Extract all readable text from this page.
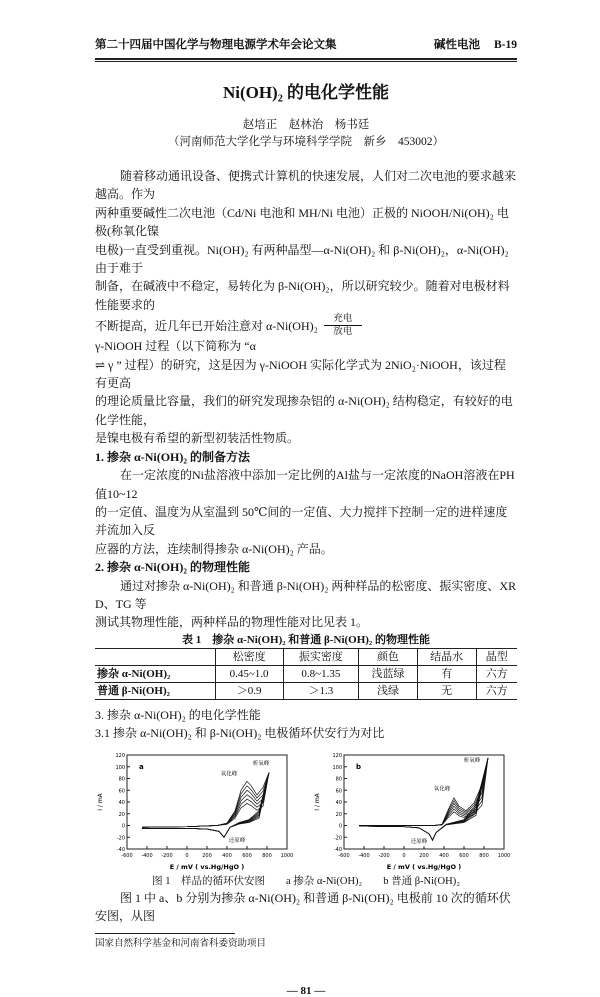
第二十四届中国化学与物理电源学术年会论文集	碱性电池 B-19
Ni(OH)₂ 的电化学性能
赵培正　赵林治　杨书廷
（河南师范大学化学与环境科学学院　新乡　453002）
随着移动通讯设备、便携式计算机的快速发展，人们对二次电池的要求越来越高。作为
两种重要碱性二次电池（Cd/Ni 电池和 MH/Ni 电池）正极的 NiOOH/Ni(OH)₂ 电极(称氧化镍
电极)一直受到重视。Ni(OH)₂ 有两种晶型—α-Ni(OH)₂ 和 β-Ni(OH)₂，α-Ni(OH)₂ 由于难于
制备，在碱液中不稳定，易转化为 β-Ni(OH)₂，所以研究较少。随着对电极材料性能要求的
不断提高，近几年已开始注意对 α-Ni(OH)₂	充电
放电
γ-NiOOH 过程（以下简称为 “α
⇌ γ ” 过程）的研究，这是因为 γ-NiOOH 实际化学式为 2NiO₂·NiOOH，该过程有更高
的理论质量比容量，我们的研究发现掺杂铝的 α-Ni(OH)₂ 结构稳定，有较好的电化学性能，
是镍电极有希望的新型初装活性物质。
1. 掺杂 α-Ni(OH)₂ 的制备方法
在一定浓度的Ni盐溶液中添加一定比例的Al盐与一定浓度的NaOH溶液在PH值10~12
的一定值、温度为从室温到 50℃间的一定值、大力搅拌下控制一定的进样速度并流加入反
应器的方法，连续制得掺杂 α-Ni(OH)₂ 产品。
2. 掺杂 α-Ni(OH)₂ 的物理性能
通过对掺杂 α-Ni(OH)₂ 和普通 β-Ni(OH)₂ 两种样品的松密度、振实密度、XRD、TG 等
测试其物理性能，两种样品的物理性能对比见表 1。
表 1　掺杂 α-Ni(OH)₂ 和普通 β-Ni(OH)₂ 的物理性能
	松密度	振实密度	颜色	结晶水	晶型
掺杂 α-Ni(OH)₂	0.45~1.0	0.8~1.35	浅蓝绿	有	六方
普通 β-Ni(OH)₂	＞0.9	＞1.3	浅绿	无	六方
3. 掺杂 α-Ni(OH)₂ 的电化学性能
3.1 掺杂 α-Ni(OH)₂ 和 β-Ni(OH)₂ 电极循环伏安行为对比
-600 -400 -200	0	200 400 600 800 1000
-40
-20
0
20
40
60
80
100
120
E / mV ( vs.Hg/HgO )
I / mA
a
氧化峰
析氧峰
还原峰
-600 -400 -200	0	200 400 600 800 1000
-40
-20
0
20
40
60
80
100
120
E / mV ( vs.Hg/HgO )
I / mA
b
氧化峰
析氧峰
还原峰
图 1　样品的循环伏安图　　a 掺杂 α-Ni(OH)₂　　b 普通 β-Ni(OH)₂
图 1 中 a、b 分别为掺杂 α-Ni(OH)₂ 和普通 β-Ni(OH)₂ 电极前 10 次的循环伏安图，从图
国家自然科学基金和河南省科委资助项目
— 81 —
